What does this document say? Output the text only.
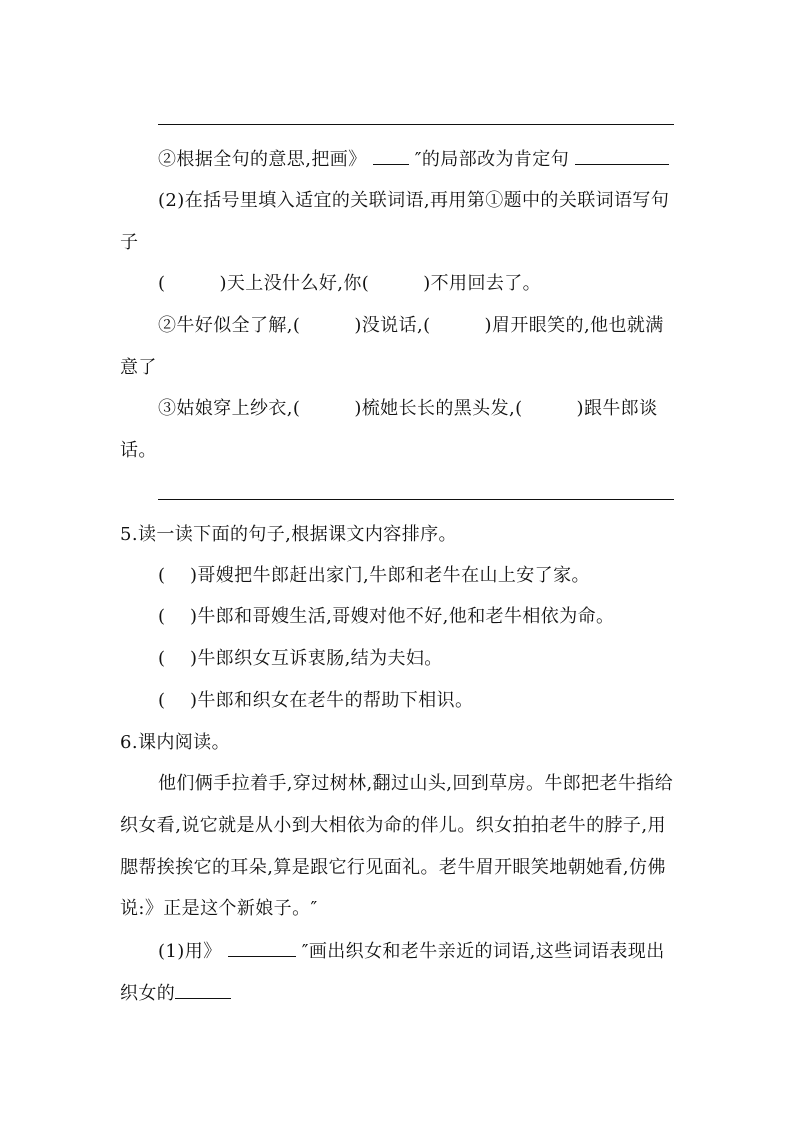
②根据全句的意思,把画》	″的局部改为肯定句
(2)在括号里填入适宜的关联词语,再用第①题中的关联词语写句
子
(	)天上没什么好,你(	)不用回去了。
②牛好似全了解,(	)没说话,(	)眉开眼笑的,他也就满
意了
③姑娘穿上纱衣,(	)梳她长长的黑头发,(	)跟牛郎谈
话。
5.读一读下面的句子,根据课文内容排序。
(　 )哥嫂把牛郎赶出家门,牛郎和老牛在山上安了家。
(　 )牛郎和哥嫂生活,哥嫂对他不好,他和老牛相依为命。
(　 )牛郎织女互诉衷肠,结为夫妇。
(　 )牛郎和织女在老牛的帮助下相识。
6.课内阅读。
他们俩手拉着手,穿过树林,翻过山头,回到草房。牛郎把老牛指给
织女看,说它就是从小到大相依为命的伴儿。织女拍拍老牛的脖子,用
腮帮挨挨它的耳朵,算是跟它行见面礼。老牛眉开眼笑地朝她看,仿佛
说:》正是这个新娘子。″
(1)用》	″画出织女和老牛亲近的词语,这些词语表现出
织女的
